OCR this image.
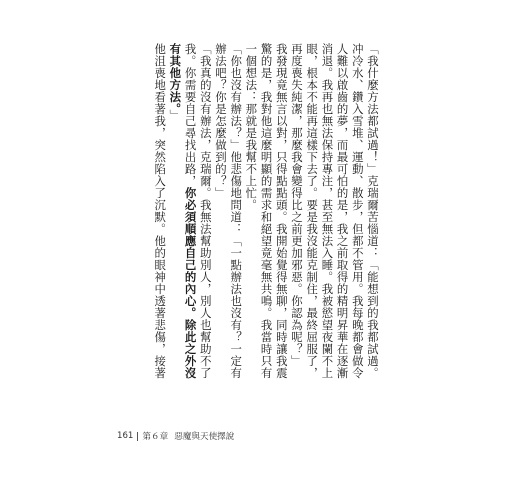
「我什麼方法都試過！」克瑞爾苦惱道：「能想到的我都試過。冲冷水、鑽入雪堆、運動、散步，但都不管用。我每晚都會做令人難以啟齒的夢，而最可怕的是，我之前取得的精明昇華在逐漸消退。我再也無法保持專注，甚至無法入睡。我被慾望夜闌不上眼，根本不能再這樣下去了。要是我沒能克制住，最終屈服了，再度喪失純潔，那麼我會變得比之前更加邪惡。你認為呢？」

我發現竟無言以對，只得點點頭。我開始覺得無聊，同時讓我震驚的是，我對他這麼明顯的需求和絕望竟毫無共鳴。我當時只有一個想法：那就是我幫不上忙。

「你也沒有辦法？」他悲傷地問道：「一點辦法也沒有？一定有辦法吧？你是怎麼做到的？」

「我真的沒有辦法，克瑞爾。我無法幫助別人，別人也幫助不了我。你需要自己尋找出路，你必須順應自己的內心。除此之外沒有其他方法。」

他沮喪地看著我，突然陷入了沉默。他的眼神中透著悲傷，接著

161 第６章 惡魔與天使擇說
